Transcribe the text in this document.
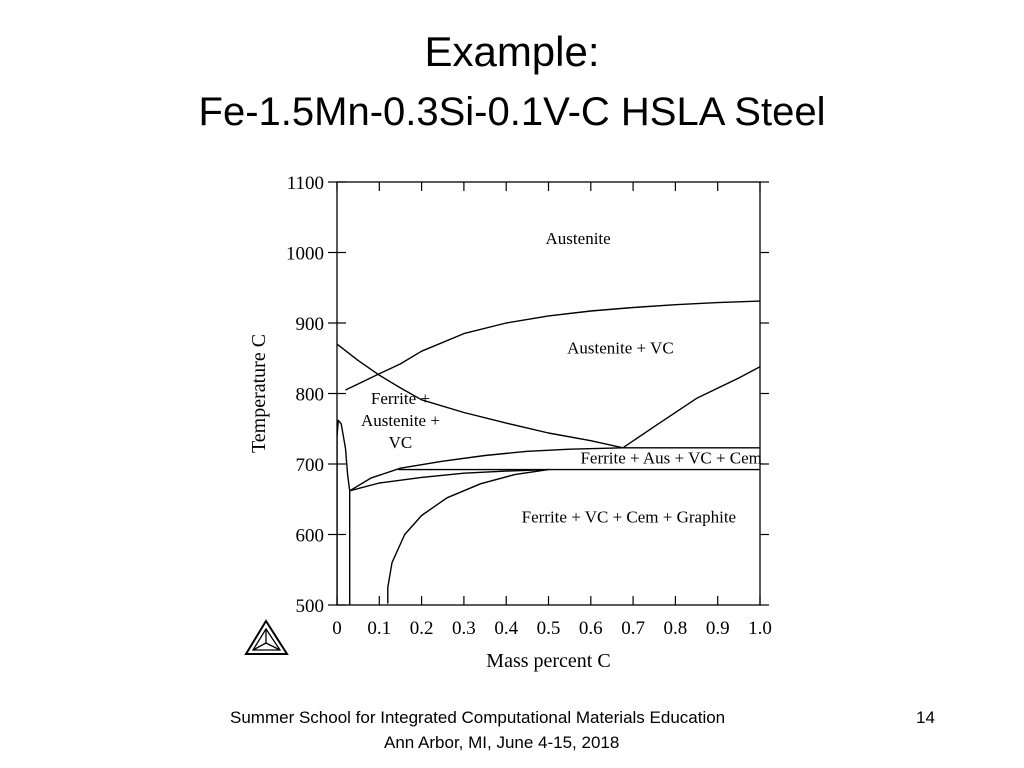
Example:
Fe-1.5Mn-0.3Si-0.1V-C HSLA Steel
0 0.1 0.2 0.3 0.4 0.5 0.6 0.7 0.8 0.9 1.0
500
600
700
800
900
1000
1100
Austenite
Austenite + VC
Ferrite +
Austenite +
VC
Ferrite + Aus + VC + Cem
Ferrite + VC + Cem + Graphite
Mass percent C
Temperature C
Summer School for Integrated Computational Materials Education
Ann Arbor, MI, June 4-15, 2018
14
